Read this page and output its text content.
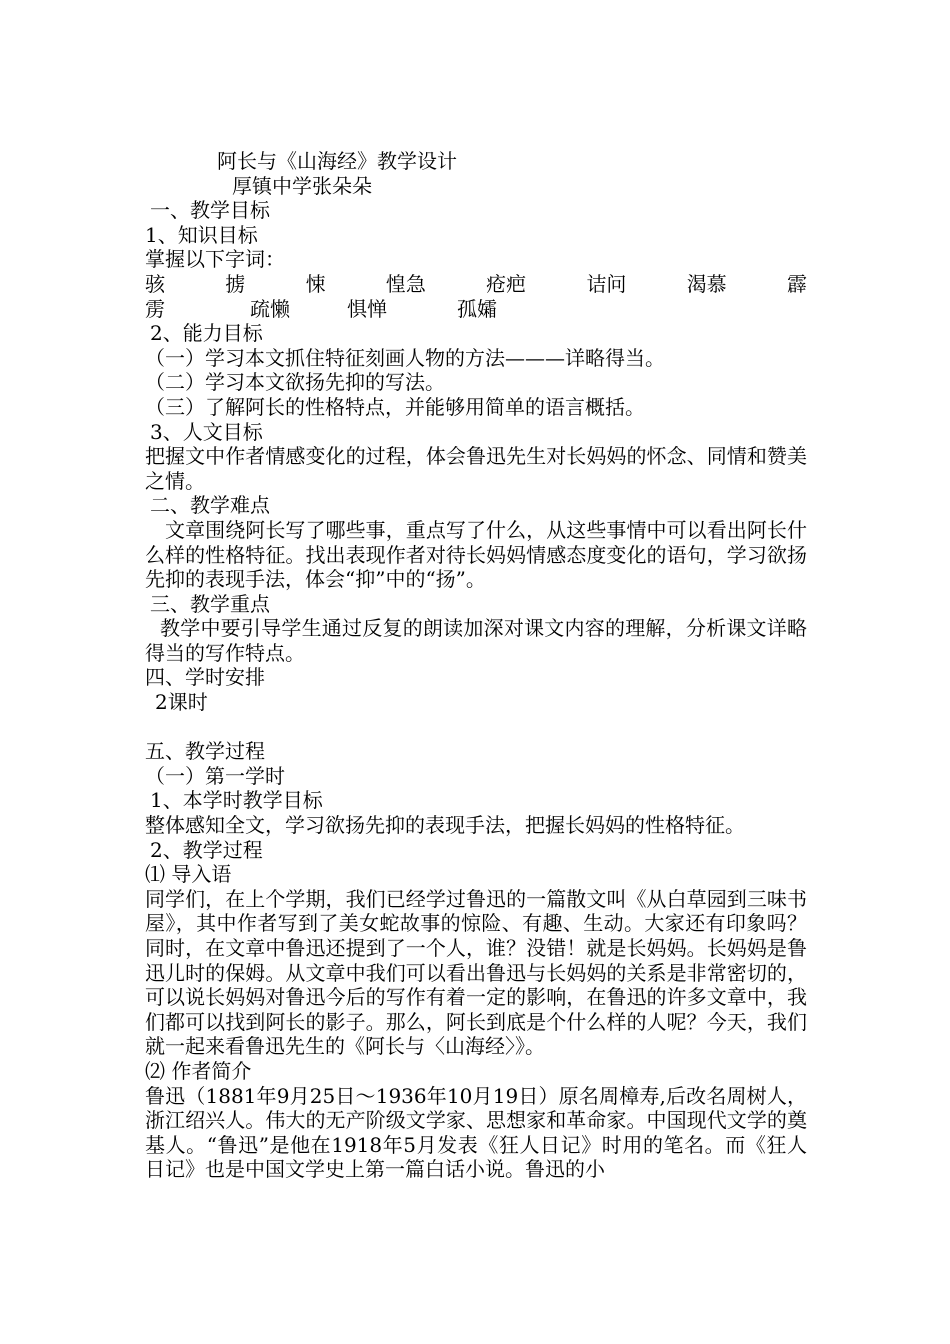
阿长与《山海经》教学设计
厚镇中学张朵朵
一、教学目标
1、知识目标
掌握以下字词：
骇	掳	悚	惶急	疮疤	诘问	渴慕	霹
雳	疏懒	惧惮	孤孀
2、能力目标
（一）学习本文抓住特征刻画人物的方法———详略得当。
（二）学习本文欲扬先抑的写法。
（三）了解阿长的性格特点，并能够用简单的语言概括。
3、人文目标
把握文中作者情感变化的过程，体会鲁迅先生对长妈妈的怀念、同情和赞美之情。
二、教学难点
文章围绕阿长写了哪些事，重点写了什么，从这些事情中可以看出阿长什么样的性格特征。找出表现作者对待长妈妈情感态度变化的语句，学习欲扬先抑的表现手法，体会“抑”中的“扬”。
三、教学重点
教学中要引导学生通过反复的朗读加深对课文内容的理解，分析课文详略得当的写作特点。
四、学时安排
2课时
五、教学过程
（一）第一学时
1、本学时教学目标
整体感知全文，学习欲扬先抑的表现手法，把握长妈妈的性格特征。
2、教学过程
⑴ 导入语
同学们，在上个学期，我们已经学过鲁迅的一篇散文叫《从白草园到三味书屋》，其中作者写到了美女蛇故事的惊险、有趣、生动。大家还有印象吗？同时，在文章中鲁迅还提到了一个人，谁？没错！就是长妈妈。长妈妈是鲁迅儿时的保姆。从文章中我们可以看出鲁迅与长妈妈的关系是非常密切的，可以说长妈妈对鲁迅今后的写作有着一定的影响，在鲁迅的许多文章中，我们都可以找到阿长的影子。那么，阿长到底是个什么样的人呢？今天，我们就一起来看鲁迅先生的《阿长与〈山海经〉》。
⑵ 作者简介
鲁迅（1881年9月25日～1936年10月19日）原名周樟寿,后改名周树人，浙江绍兴人。伟大的无产阶级文学家、思想家和革命家。中国现代文学的奠基人。“鲁迅”是他在1918年5月发表《狂人日记》时用的笔名。而《狂人日记》也是中国文学史上第一篇白话小说。鲁迅的小
